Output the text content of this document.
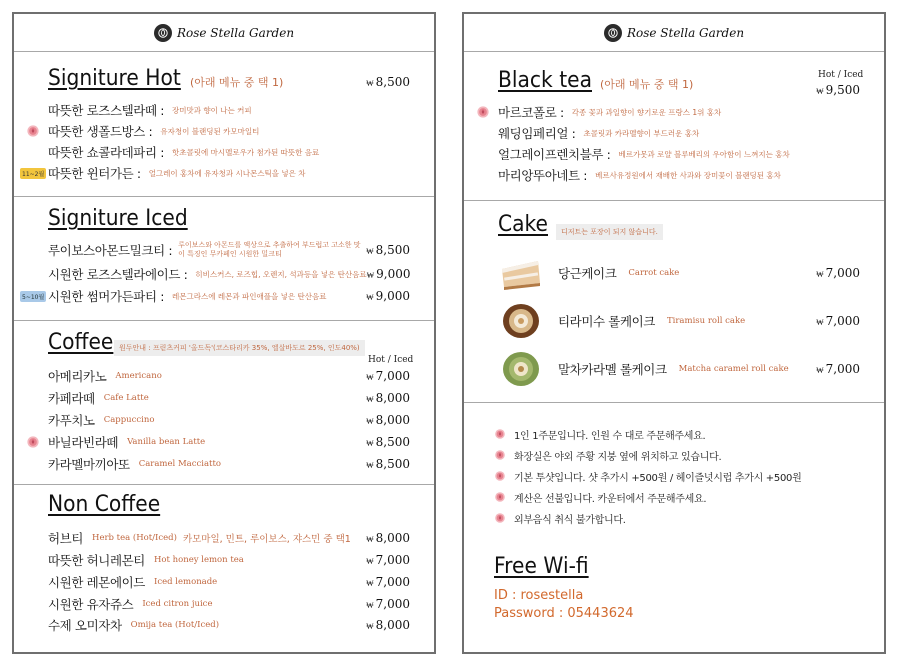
Rose Stella Garden
Signiture Hot (아래 메뉴 중 택 1)	₩ 8,500
따뜻한 로즈스텔라떼 : 장미맛과 향이 나는 커피
따뜻한 생폴드방스 : 유자청이 블랜딩된 카모마일티
따뜻한 쇼콜라데파리 : 핫초콜릿에 마시멜로우가 첨가된 따뜻한 음료
따뜻한 윈터가든 : 얼그레이 홍차에 유자청과 시나몬스틱을 넣은 차
11~2월
Signiture Iced
루이보스아몬드밀크티 : 루이보스와 아몬드를 액상으로 추출하여 부드럽고 고소한 맛이 특징인 무카페인 시원한 밀크티	₩ 8,500
시원한 로즈스텔라에이드 : 히비스커스, 로즈힙, 오렌지, 석과등을 넣은 탄산음료 ₩ 9,000
시원한 썸머가든파티 : 레몬그라스에 레몬과 파인애플을 넣은 탄산음료	₩ 9,000
5~10월
Coffee 원두안내 : 프릳츠커피 '올드독'(코스타리카 35%, 엘살바도르 25%, 인도40%)
Hot / Iced
아메리카노 Americano	₩ 7,000
카페라떼 Cafe Latte	₩ 8,000
카푸치노 Cappuccino	₩ 8,000
바닐라빈라떼 Vanilla bean Latte	₩ 8,500
카라멜마끼아또 Caramel Macciatto	₩ 8,500
Non Coffee
허브티 Herb tea (Hot/Iced) 카모마일, 민트, 루이보스, 쟈스민 중 택1 ₩ 8,000
따뜻한 허니레몬티 Hot honey lemon tea	₩ 7,000
시원한 레몬에이드 Iced lemonade	₩ 7,000
시원한 유자쥬스 Iced citron juice	₩ 7,000
수제 오미자차 Omija tea (Hot/Iced)	₩ 8,000
Rose Stella Garden
Black tea (아래 메뉴 중 택 1)
Hot / Iced
₩ 9,500
마르코폴로 : 각종 꽃과 과일향이 향기로운 프랑스 1위 홍차
웨딩임페리얼 : 초콜릿과 카라멜향이 부드러운 홍차
얼그레이프렌치블루 : 베르가못과 로얄 블루베리의 우아함이 느껴지는 홍차
마리앙뚜아네트 : 베르사유정원에서 재배한 사과와 장미꽃이 블랜딩된 홍차
Cake	디저트는 포장이 되지 않습니다.
당근케이크 Carrot cake	₩ 7,000
티라미수 롤케이크 Tiramisu roll cake	₩ 7,000
말차카라멜 롤케이크 Matcha caramel roll cake	₩ 7,000
1인 1주문입니다. 인원 수 대로 주문해주세요.
화장실은 야외 주황 지붕 옆에 위치하고 있습니다.
기본 투샷입니다. 샷 추가시 +500원 / 헤이즐넛시럽 추가시 +500원
계산은 선불입니다. 카운터에서 주문해주세요.
외부음식 취식 불가합니다.
Free Wi-fi
ID : rosestella
Password : 05443624
